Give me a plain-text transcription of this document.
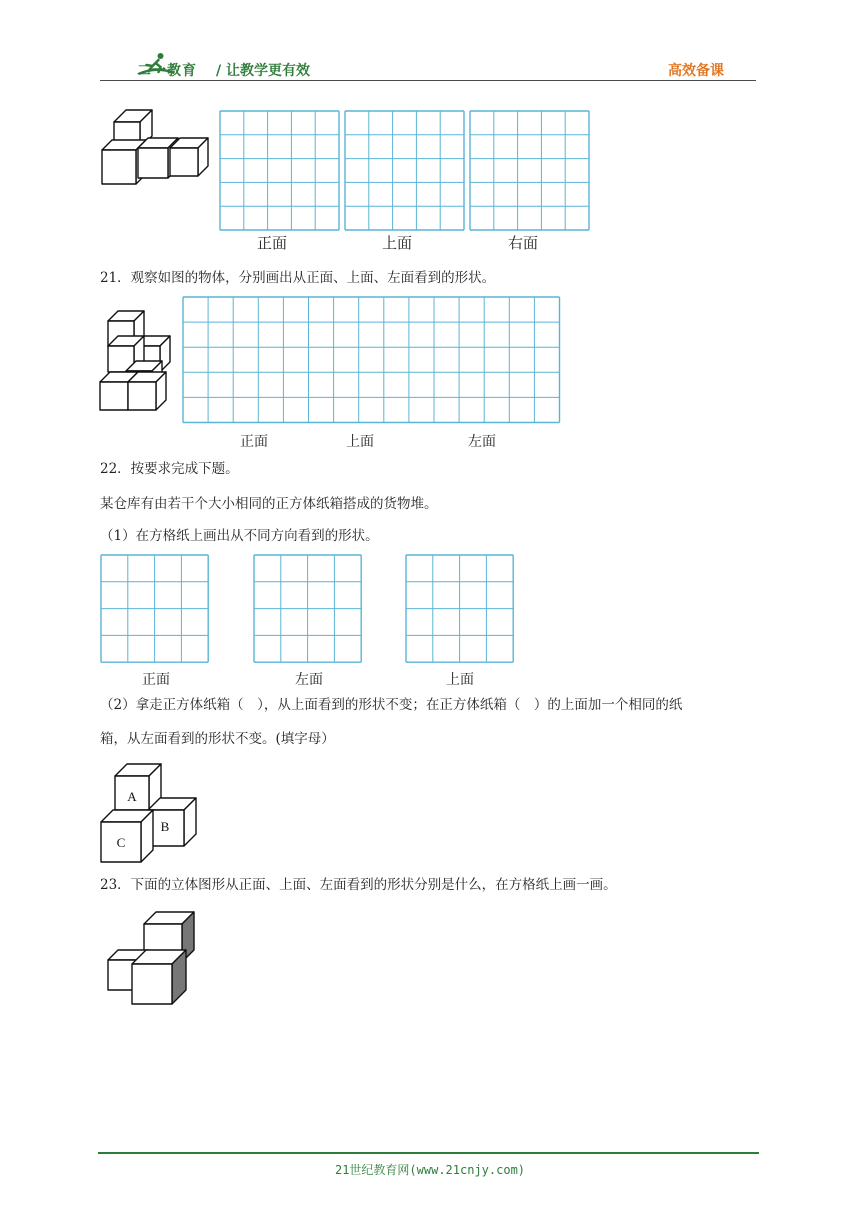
二一教育 / 让教学更有效	高效备课
正面	上面	右面
21．观察如图的物体，分别画出从正面、上面、左面看到的形状。
正面	上面	左面
22．按要求完成下题。
某仓库有由若干个大小相同的正方体纸箱搭成的货物堆。
（1）在方格纸上画出从不同方向看到的形状。
正面	左面	上面
（2）拿走正方体纸箱（　），从上面看到的形状不变；在正方体纸箱（　）的上面加一个相同的纸
箱，从左面看到的形状不变。(填字母）
A
B
C
23．下面的立体图形从正面、上面、左面看到的形状分别是什么，在方格纸上画一画。
21世纪教育网(www.21cnjy.com)
